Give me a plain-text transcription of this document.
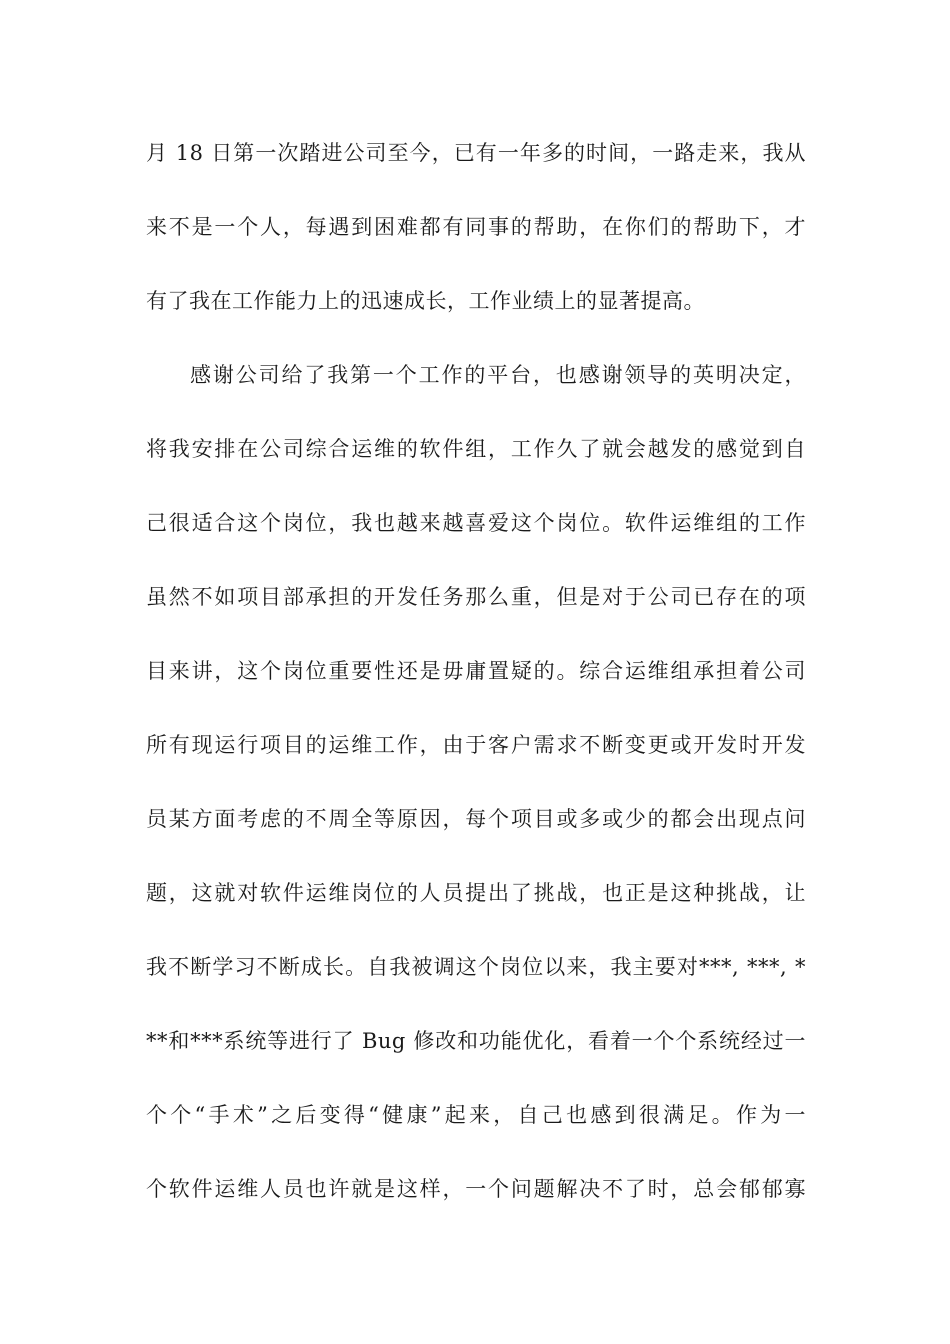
月 18 日第一次踏进公司至今，已有一年多的时间，一路走来，我从
来不是一个人，每遇到困难都有同事的帮助，在你们的帮助下，才
有了我在工作能力上的迅速成长，工作业绩上的显著提高。
感谢公司给了我第一个工作的平台，也感谢领导的英明决定，
将我安排在公司综合运维的软件组，工作久了就会越发的感觉到自
己很适合这个岗位，我也越来越喜爱这个岗位。软件运维组的工作
虽然不如项目部承担的开发任务那么重，但是对于公司已存在的项
目来讲，这个岗位重要性还是毋庸置疑的。综合运维组承担着公司
所有现运行项目的运维工作，由于客户需求不断变更或开发时开发
员某方面考虑的不周全等原因，每个项目或多或少的都会出现点问
题，这就对软件运维岗位的人员提出了挑战，也正是这种挑战，让
我不断学习不断成长。自我被调这个岗位以来，我主要对***, ***, *
**和***系统等进行了 Bug 修改和功能优化，看着一个个系统经过一
个个“手术”之后变得“健康”起来，自己也感到很满足。作为一
个软件运维人员也许就是这样，一个问题解决不了时，总会郁郁寡
